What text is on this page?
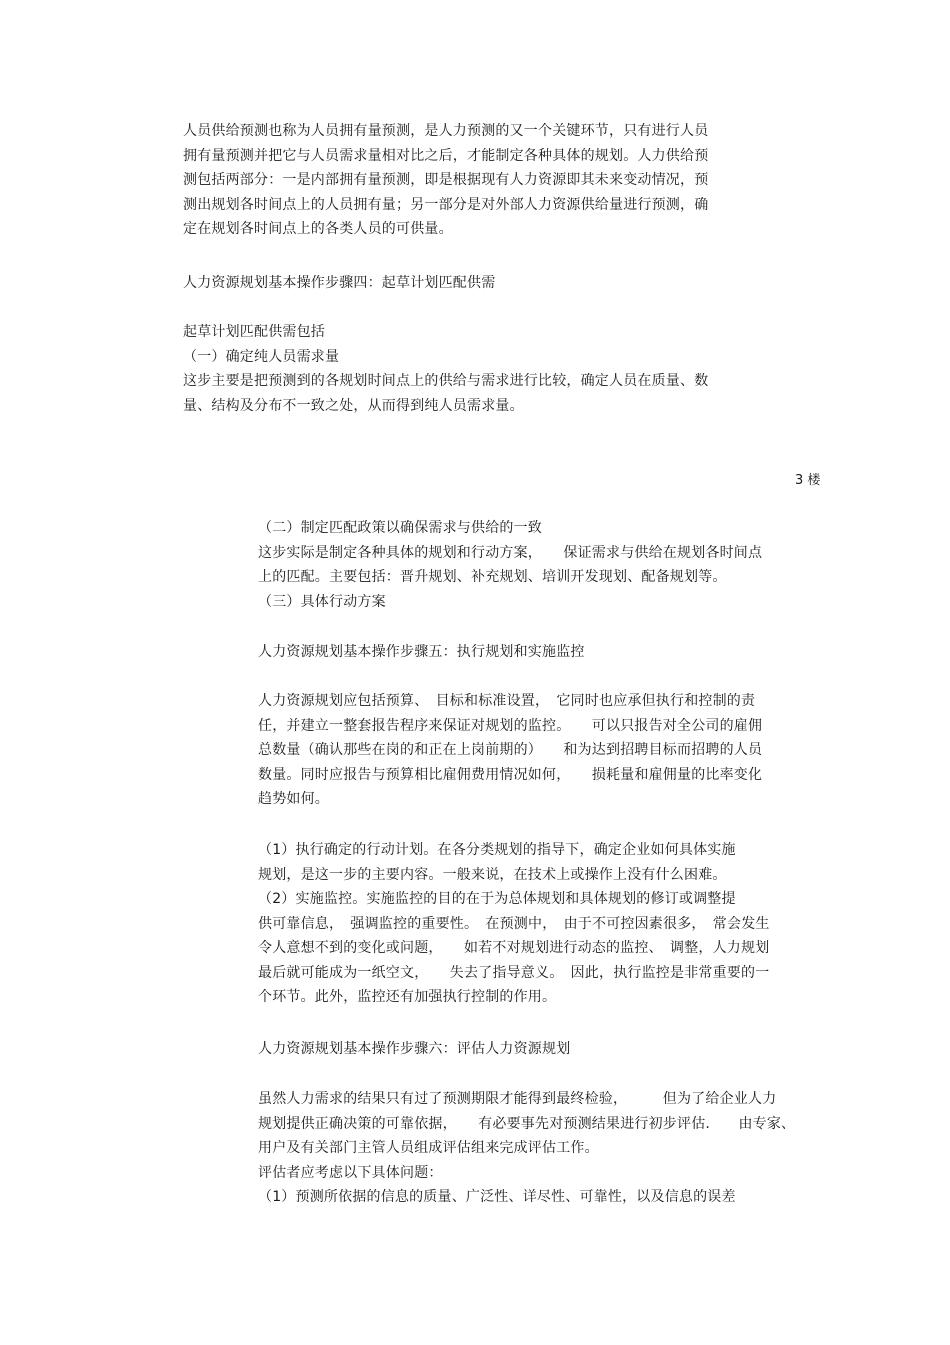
人员供给预测也称为人员拥有量预测，是人力预测的又一个关键环节，只有进行人员
拥有量预测并把它与人员需求量相对比之后，才能制定各种具体的规划。人力供给预
测包括两部分：一是内部拥有量预测，即是根据现有人力资源即其未来变动情况，预
测出规划各时间点上的人员拥有量；另一部分是对外部人力资源供给量进行预测，确
定在规划各时间点上的各类人员的可供量。
人力资源规划基本操作步骤四：起草计划匹配供需
起草计划匹配供需包括
（一）确定纯人员需求量
这步主要是把预测到的各规划时间点上的供给与需求进行比较，确定人员在质量、数
量、结构及分布不一致之处，从而得到纯人员需求量。
3 楼
（二）制定匹配政策以确保需求与供给的一致
这步实际是制定各种具体的规划和行动方案，　　保证需求与供给在规划各时间点
上的匹配。主要包括：晋升规划、补充规划、培训开发现划、配备规划等。
（三）具体行动方案
人力资源规划基本操作步骤五：执行规划和实施监控
人力资源规划应包括预算、　目标和标准设置，　它同时也应承但执行和控制的责
任，并建立一整套报告程序来保证对规划的监控。　　可以只报告对全公司的雇佣
总数量（确认那些在岗的和正在上岗前期的）　　和为达到招聘目标而招聘的人员
数量。同时应报告与预算相比雇佣费用情况如何，　　损耗量和雇佣量的比率变化
趋势如何。
（1）执行确定的行动计划。在各分类规划的指导下，确定企业如何具体实施
规划，是这一步的主要内容。一般来说，在技术上或操作上没有什么困难。
（2）实施监控。实施监控的目的在于为总体规划和具体规划的修订或调整提
供可靠信息，　强调监控的重要性。　在预测中，　由于不可控因素很多，　常会发生
令人意想不到的变化或问题，　　如若不对规划进行动态的监控、　调整，人力规划
最后就可能成为一纸空文，　　失去了指导意义。　因此，执行监控是非常重要的一
个环节。此外，监控还有加强执行控制的作用。
人力资源规划基本操作步骤六：评估人力资源规划
虽然人力需求的结果只有过了预测期限才能得到最终检验，　　　但为了给企业人力
规划提供正确决策的可靠依据，　　有必要事先对预测结果进行初步评估.　　由专家、
用户及有关部门主管人员组成评估组来完成评估工作。
评估者应考虑以下具体问题：
（1）预测所依据的信息的质量、广泛性、详尽性、可靠性，以及信息的误差
